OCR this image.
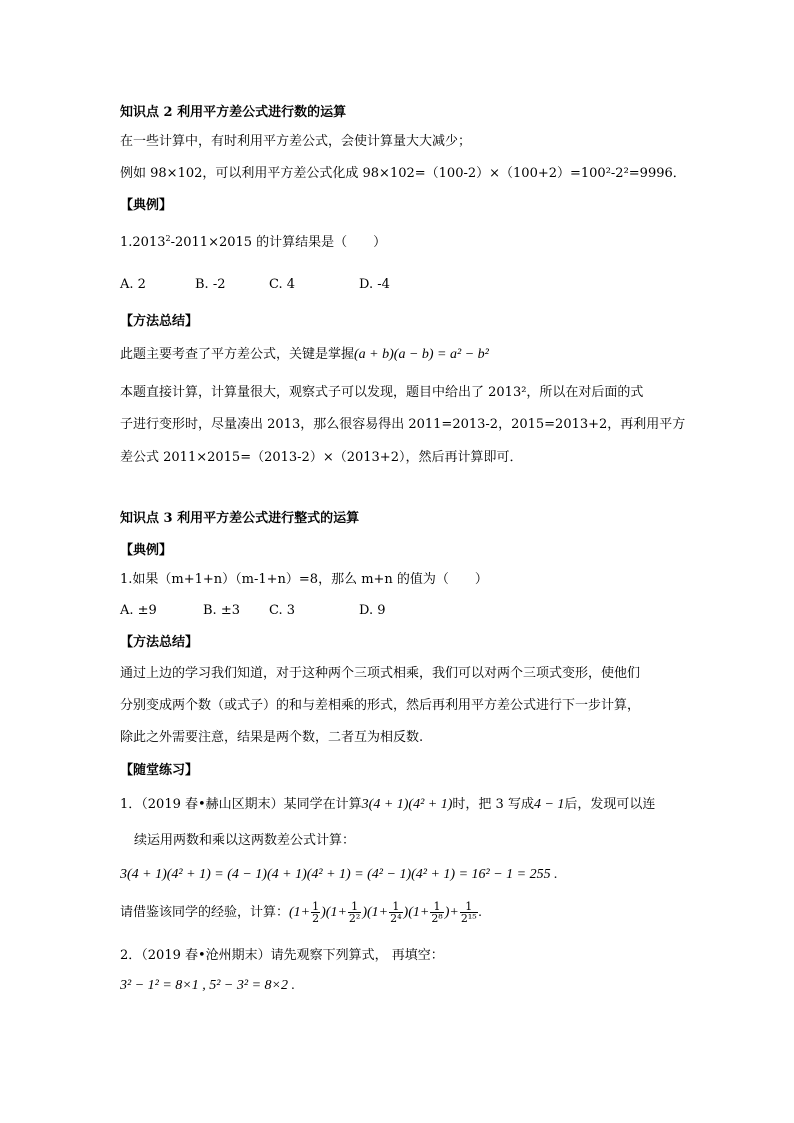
知识点 2 利用平方差公式进行数的运算
在一些计算中，有时利用平方差公式，会使计算量大大减少；
例如 98×102，可以利用平方差公式化成 98×102=（100-2）×（100+2）=100²-2²=9996．
【典例】
$1.2013^2-2011\times 2015$ 的计算结果是（　　）
A. 2	B. -2	C. 4	D. -4
【方法总结】
此题主要考查了平方差公式，关键是掌握(a + b)(a − b) = a² − b²
本题直接计算，计算量很大，观察式子可以发现，题目中给出了 2013²，所以在对后面的式
子进行变形时，尽量凑出 2013，那么很容易得出 2011=2013-2，2015=2013+2，再利用平方
差公式 2011×2015=（2013-2）×（2013+2），然后再计算即可．
知识点 3 利用平方差公式进行整式的运算
【典例】
1.如果（m+1+n）（m-1+n）=8，那么 m+n 的值为（　　）
A. ±9	B. ±3 C. 3	D. 9
【方法总结】
通过上边的学习我们知道，对于这种两个三项式相乘，我们可以对两个三项式变形，使他们
分别变成两个数（或式子）的和与差相乘的形式，然后再利用平方差公式进行下一步计算，
除此之外需要注意，结果是两个数，二者互为相反数.
【随堂练习】
1．（2019 春•赫山区期末）某同学在计算3(4 + 1)(4² + 1)时，把 3 写成4 − 1后，发现可以连
续运用两数和乘以这两数差公式计算：
3(4 + 1)(4² + 1) = (4 − 1)(4 + 1)(4² + 1) = (4² − 1)(4² + 1) = 16² − 1 = 255 .
请借鉴该同学的经验，计算：$(1+ \frac{1}{2} )(1+ \frac{1}{\text{2²}} )(1+ \frac{1}{\text{2⁴}} )(1+ \frac{1}{\text{2⁸}}$ )+ $\frac{1}{\text{2¹⁵}}$ .
2．（2019 春•沧州期末）请先观察下列算式， 再填空：
3² − 1² = 8×1 , 5² − 3² = 8×2 .
